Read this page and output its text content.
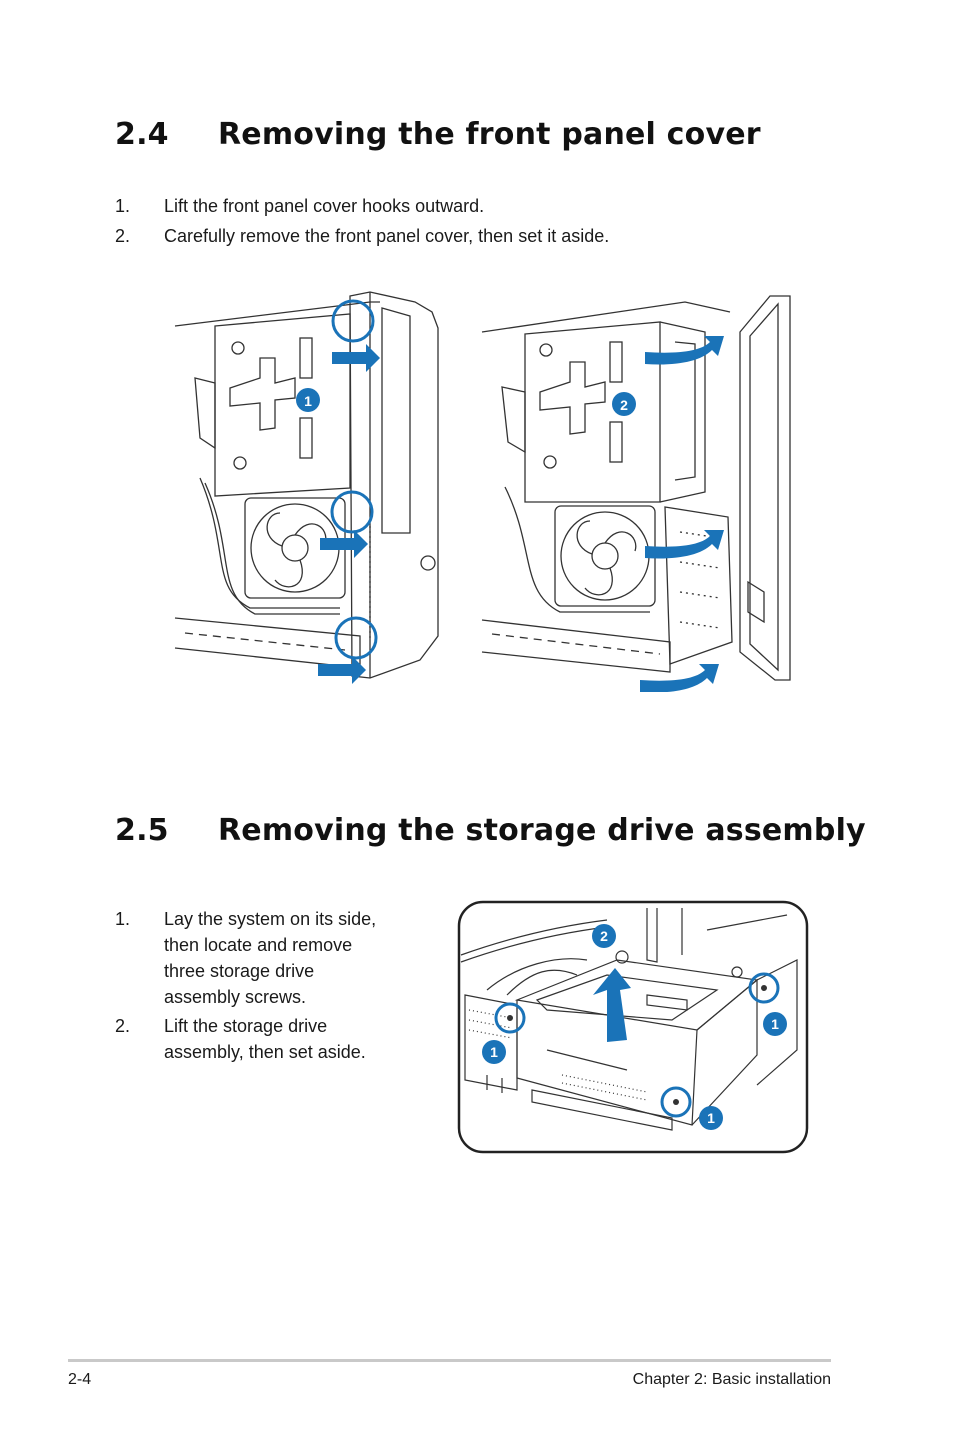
2.4 Removing the front panel cover
1. Lift the front panel cover hooks outward.
2. Carefully remove the front panel cover, then set it aside.
1	2
2.5 Removing the storage drive assembly
1. Lay the system on its side, then locate and remove three storage drive assembly screws.
2. Lift the storage drive assembly, then set aside.
2
1
1
1
2-4	Chapter 2: Basic installation
